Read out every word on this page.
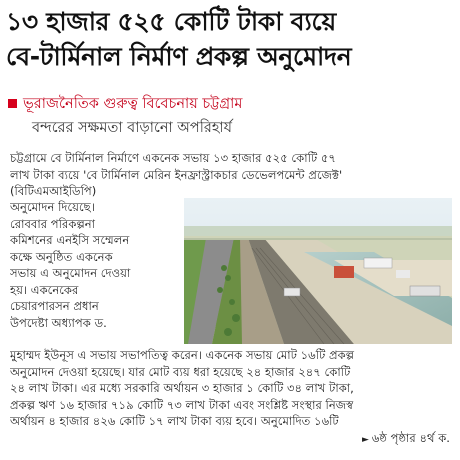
১৩ হাজার ৫২৫ কোটি টাকা ব্যয়ে
বে-টার্মিনাল নির্মাণ প্রকল্প অনুমোদন
ভূরাজনৈতিক গুরুত্ব বিবেচনায় চট্টগ্রাম
বন্দরের সক্ষমতা বাড়ানো অপরিহার্য
চট্টগ্রামে বে টার্মিনাল নির্মাণে একনেক সভায় ১৩ হাজার ৫২৫ কোটি ৫৭
লাখ টাকা ব্যয়ে 'বে টার্মিনাল মেরিন ইনফ্রাস্ট্রাকচার ডেভেলপমেন্ট প্রজেক্ট'
(বিটিএমআইডিপি)
অনুমোদন দিয়েছে।
রোববার পরিকল্পনা
কমিশনের এনইসি সম্মেলন
কক্ষে অনুষ্ঠিত একনেক
সভায় এ অনুমোদন দেওয়া
হয়। একনেকের
চেয়ারপারসন প্রধান
উপদেষ্টা অধ্যাপক ড.
মুহাম্মদ ইউনূস এ সভায় সভাপতিত্ব করেন। একনেক সভায় মোট ১৬টি প্রকল্প
অনুমোদন দেওয়া হয়েছে। যার মোট ব্যয় ধরা হয়েছে ২৪ হাজার ২৪৭ কোটি
২৪ লাখ টাকা। এর মধ্যে সরকারি অর্থায়ন ৩ হাজার ১ কোটি ৩৪ লাখ টাকা,
প্রকল্প ঋণ ১৬ হাজার ৭১৯ কোটি ৭৩ লাখ টাকা এবং সংশ্লিষ্ট সংস্থার নিজস্ব
অর্থায়ন ৪ হাজার ৪২৬ কোটি ১৭ লাখ টাকা ব্যয় হবে। অনুমোদিত ১৬টি
► ৬ষ্ঠ পৃষ্ঠার ৪র্থ ক.
